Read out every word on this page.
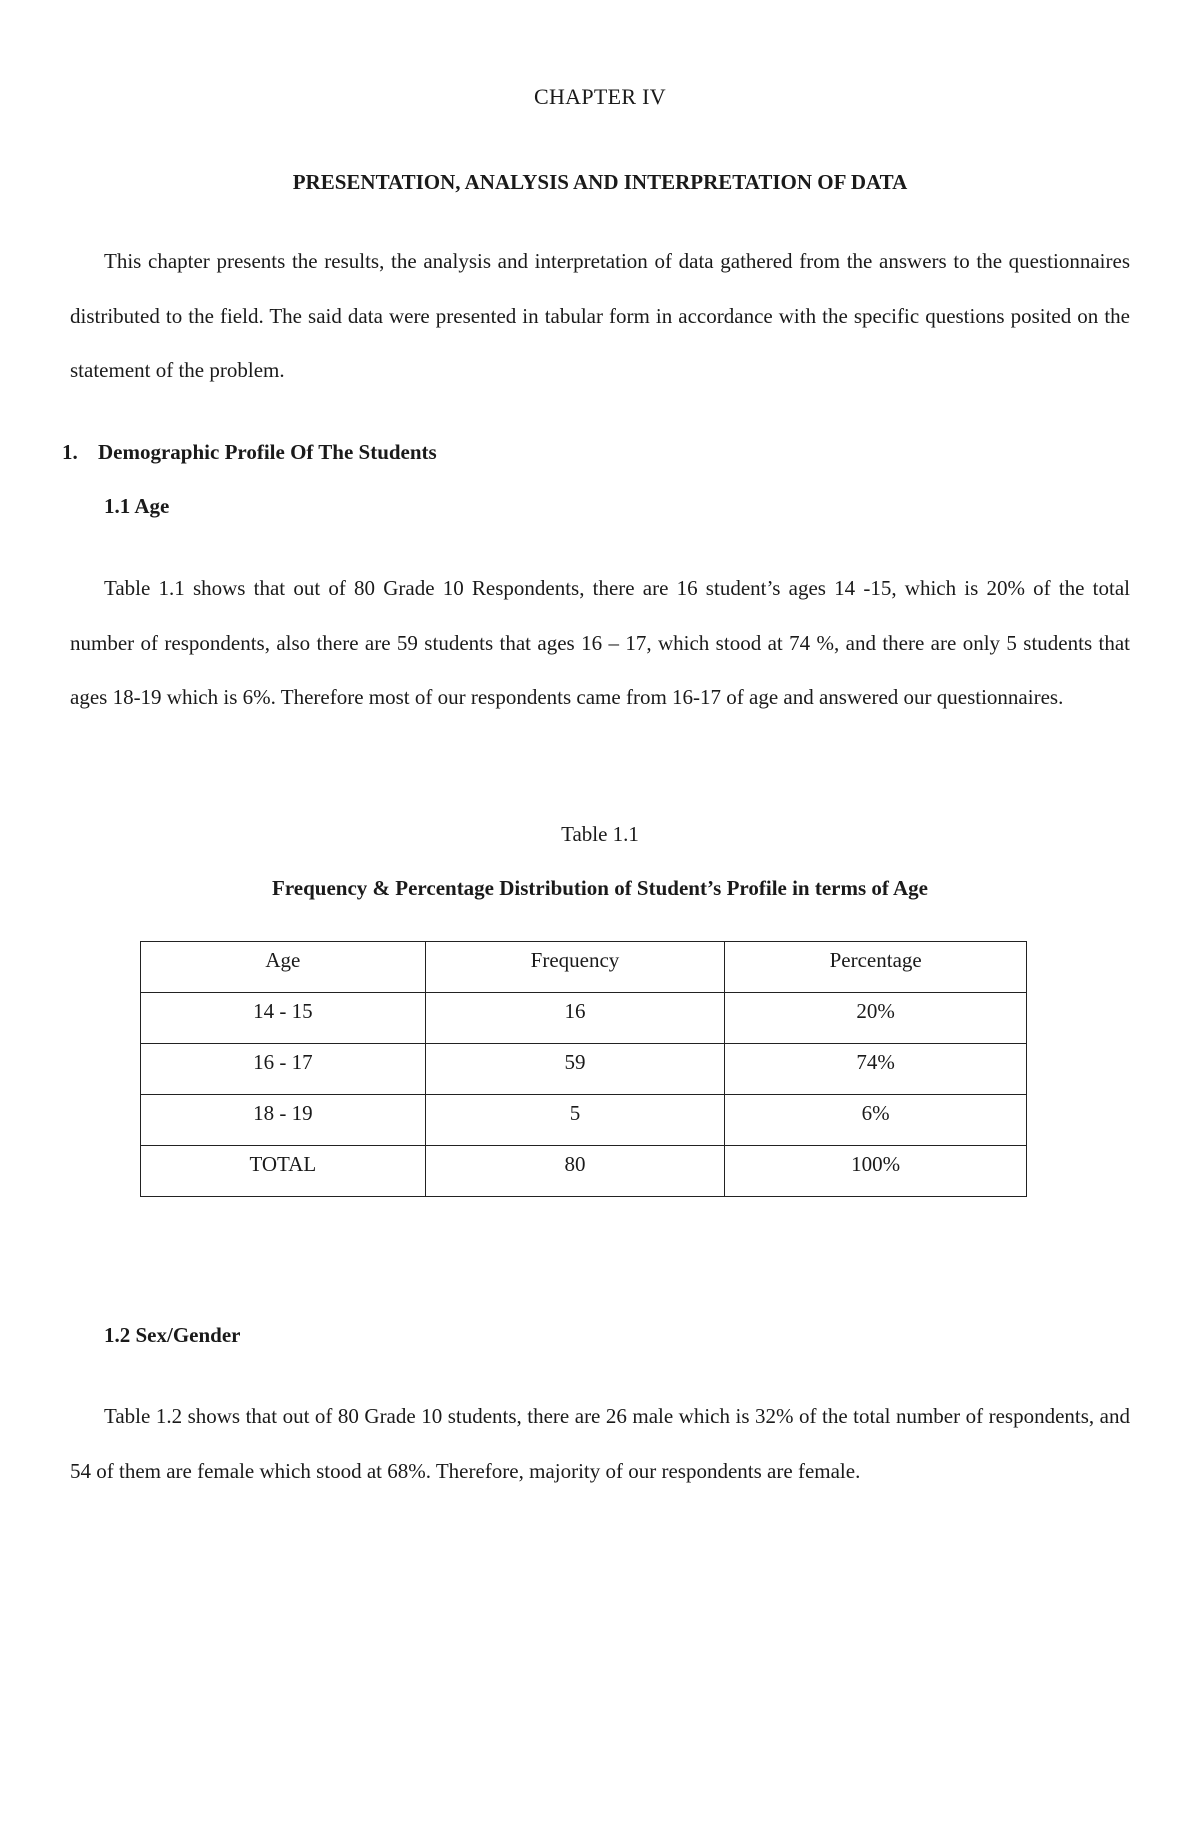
CHAPTER IV
PRESENTATION, ANALYSIS AND INTERPRETATION OF DATA
This chapter presents the results, the analysis and interpretation of data gathered from the answers to the questionnaires distributed to the field. The said data were presented in tabular form in accordance with the specific questions posited on the statement of the problem.
1. Demographic Profile Of The Students
1.1 Age
Table 1.1 shows that out of 80 Grade 10 Respondents, there are 16 student’s ages 14 -15, which is 20% of the total number of respondents, also there are 59 students that ages 16 – 17, which stood at 74 %, and there are only 5 students that ages 18-19 which is 6%. Therefore most of our respondents came from 16-17 of age and answered our questionnaires.
Table 1.1
Frequency & Percentage Distribution of Student’s Profile in terms of Age
Age	Frequency	Percentage
14 - 15	16	20%
16 - 17	59	74%
18 - 19	5	6%
TOTAL	80	100%
1.2 Sex/Gender
Table 1.2 shows that out of 80 Grade 10 students, there are 26 male which is 32% of the total number of respondents, and 54 of them are female which stood at 68%. Therefore, majority of our respondents are female.
